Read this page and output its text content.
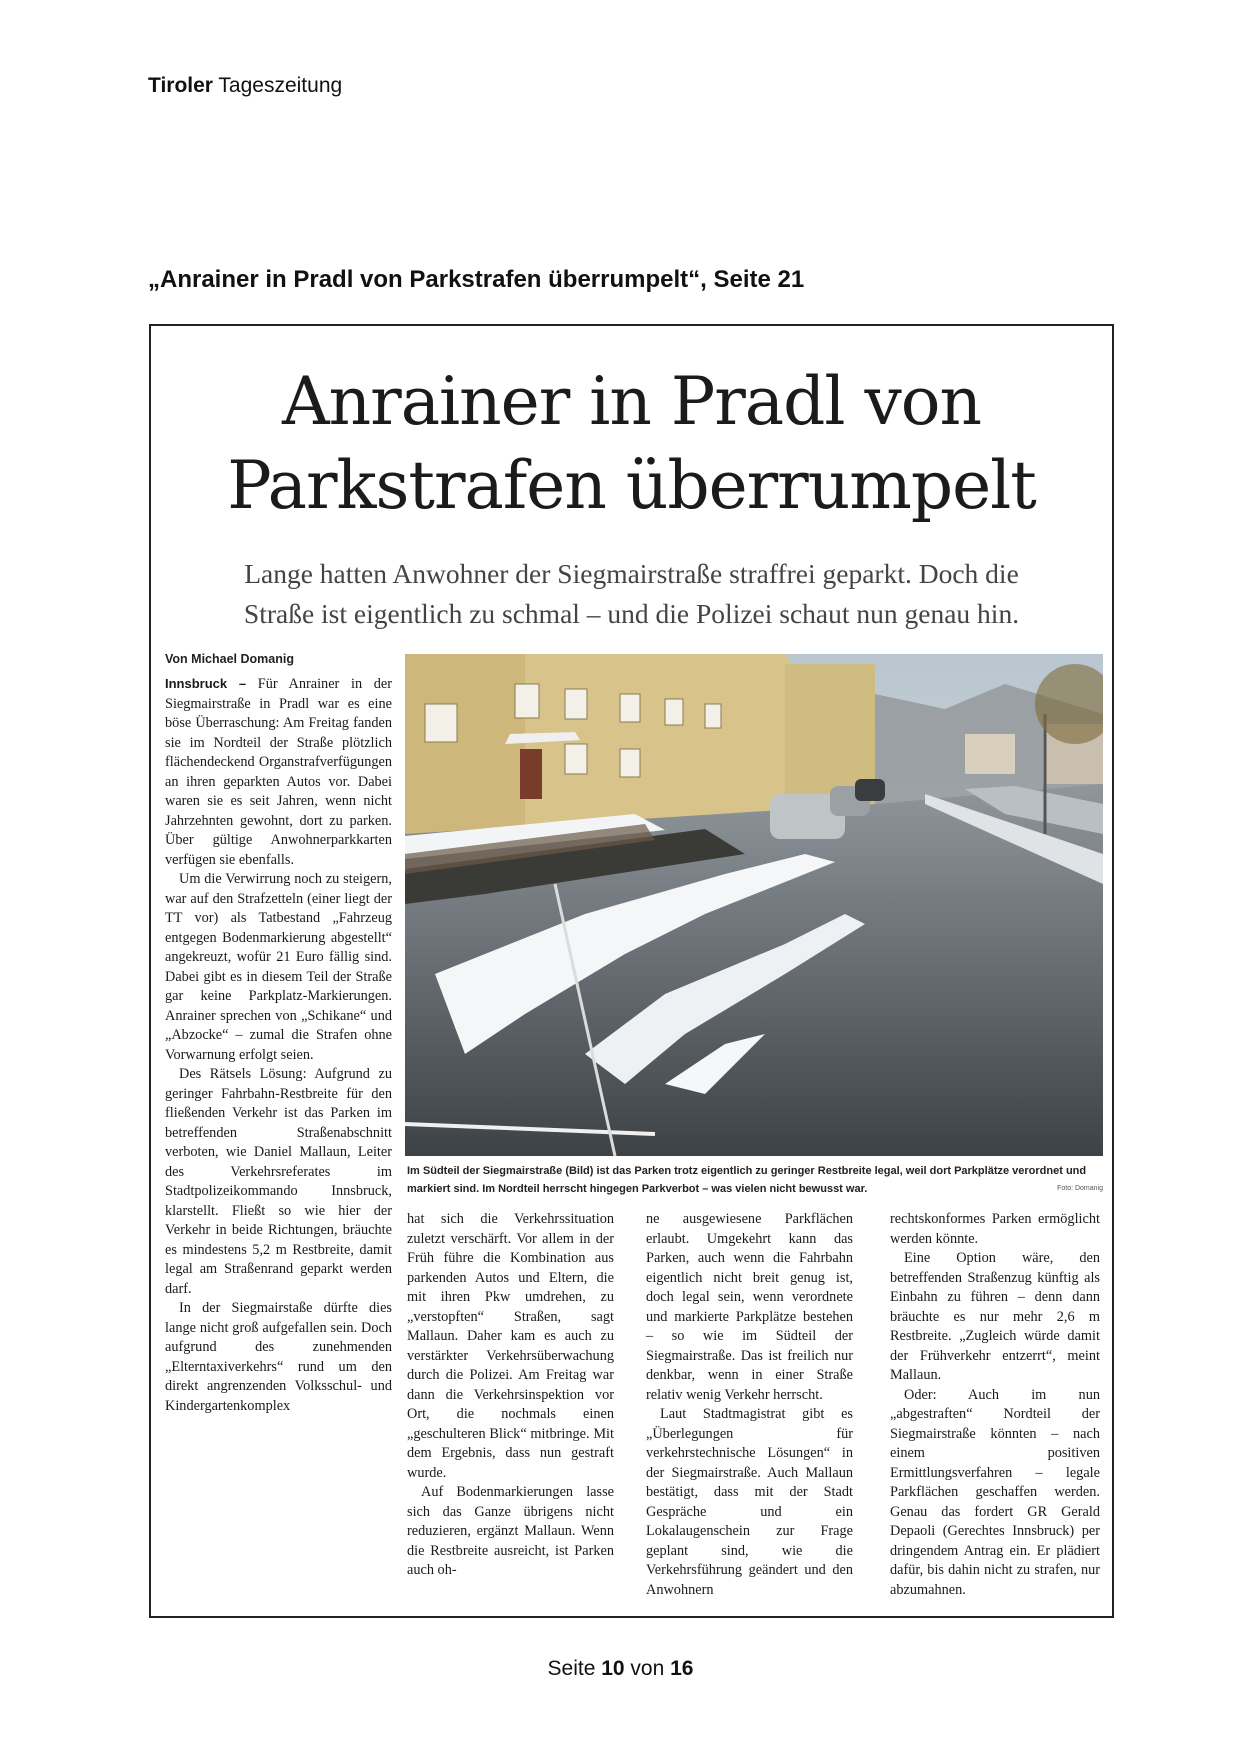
Tiroler Tageszeitung
„Anrainer in Pradl von Parkstrafen überrumpelt“, Seite 21
Anrainer in Pradl von
Parkstrafen überrumpelt
Lange hatten Anwohner der Siegmairstraße straffrei geparkt. Doch die
Straße ist eigentlich zu schmal – und die Polizei schaut nun genau hin.
Von Michael Domanig

Innsbruck – Für Anrainer in der Siegmairstraße in Pradl war es eine böse Überraschung: Am Freitag fanden sie im Nordteil der Straße plötzlich flächendeckend Organstrafverfügungen an ihren geparkten Autos vor. Dabei waren sie es seit Jahren, wenn nicht Jahrzehnten gewohnt, dort zu parken. Über gültige Anwohnerparkkarten verfügen sie ebenfalls.

Um die Verwirrung noch zu steigern, war auf den Strafzetteln (einer liegt der TT vor) als Tatbestand „Fahrzeug entgegen Bodenmarkierung abgestellt“ angekreuzt, wofür 21 Euro fällig sind. Dabei gibt es in diesem Teil der Straße gar keine Parkplatz-Markierungen. Anrainer sprechen von „Schikane“ und „Abzocke“ – zumal die Strafen ohne Vorwarnung erfolgt seien.

Des Rätsels Lösung: Aufgrund zu geringer Fahrbahn-Restbreite für den fließenden Verkehr ist das Parken im betreffenden Straßenabschnitt verboten, wie Daniel Mallaun, Leiter des Verkehrsreferates im Stadtpolizeikommando Innsbruck, klarstellt. Fließt so wie hier der Verkehr in beide Richtungen, bräuchte es mindestens 5,2 m Restbreite, damit legal am Straßenrand geparkt werden darf.

In der Siegmairstaße dürfte dies lange nicht groß aufgefallen sein. Doch aufgrund des zunehmenden „Elterntaxiverkehrs“ rund um den direkt angrenzenden Volksschul- und Kindergartenkomplex

Im Südteil der Siegmairstraße (Bild) ist das Parken trotz eigentlich zu geringer Restbreite legal, weil dort Parkplätze verordnet und markiert sind. Im Nordteil herrscht hingegen Parkverbot – was vielen nicht bewusst war.	Foto: Domanig

hat sich die Verkehrssituation zuletzt verschärft. Vor allem in der Früh führe die Kombination aus parkenden Autos und Eltern, die mit ihren Pkw umdrehen, zu „verstopften“ Straßen, sagt Mallaun. Daher kam es auch zu verstärkter Verkehrsüberwachung durch die Polizei. Am Freitag war dann die Verkehrsinspektion vor Ort, die nochmals einen „geschulteren Blick“ mitbringe. Mit dem Ergebnis, dass nun gestraft wurde.

Auf Bodenmarkierungen lasse sich das Ganze übrigens nicht reduzieren, ergänzt Mallaun. Wenn die Restbreite ausreicht, ist Parken auch oh-

ne ausgewiesene Parkflächen erlaubt. Umgekehrt kann das Parken, auch wenn die Fahrbahn eigentlich nicht breit genug ist, doch legal sein, wenn verordnete und markierte Parkplätze bestehen – so wie im Südteil der Siegmairstraße. Das ist freilich nur denkbar, wenn in einer Straße relativ wenig Verkehr herrscht.

Laut Stadtmagistrat gibt es „Überlegungen für verkehrstechnische Lösungen“ in der Siegmairstraße. Auch Mallaun bestätigt, dass mit der Stadt Gespräche und ein Lokalaugenschein zur Frage geplant sind, wie die Verkehrsführung geändert und den Anwohnern

rechtskonformes Parken ermöglicht werden könnte.

Eine Option wäre, den betreffenden Straßenzug künftig als Einbahn zu führen – denn dann bräuchte es nur mehr 2,6 m Restbreite. „Zugleich würde damit der Frühverkehr entzerrt“, meint Mallaun.

Oder: Auch im nun „abgestraften“ Nordteil der Siegmairstraße könnten – nach einem positiven Ermittlungsverfahren – legale Parkflächen geschaffen werden. Genau das fordert GR Gerald Depaoli (Gerechtes Innsbruck) per dringendem Antrag ein. Er plädiert dafür, bis dahin nicht zu strafen, nur abzumahnen.

Seite 10 von 16
